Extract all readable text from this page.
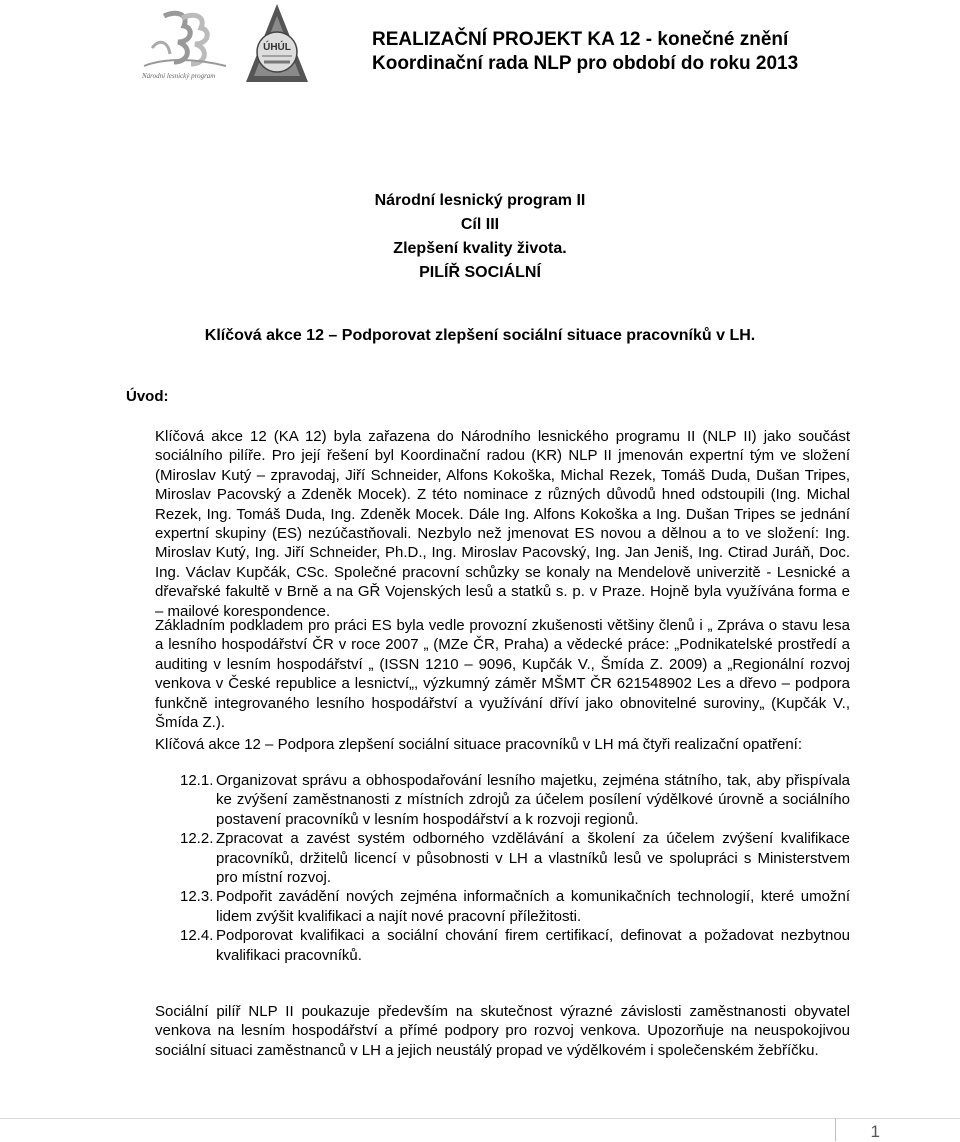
Národní lesnický program
ÚHÚL	REALIZAČNÍ PROJEKT KA 12 - konečné znění
Koordinační rada NLP pro období do roku 2013
Národní lesnický program II
Cíl III
Zlepšení kvality života.
PILÍŘ SOCIÁLNÍ
Klíčová akce 12 – Podporovat zlepšení sociální situace pracovníků v LH.
Úvod:

Klíčová akce 12 (KA 12) byla zařazena do Národního lesnického programu II (NLP II) jako součást sociálního pilíře. Pro její řešení byl Koordinační radou (KR) NLP II jmenován expertní tým ve složení (Miroslav Kutý – zpravodaj, Jiří Schneider, Alfons Kokoška, Michal Rezek, Tomáš Duda, Dušan Tripes, Miroslav Pacovský a Zdeněk Mocek). Z této nominace z různých důvodů hned odstoupili (Ing. Michal Rezek, Ing. Tomáš Duda, Ing. Zdeněk Mocek. Dále Ing. Alfons Kokoška a Ing. Dušan Tripes se jednání expertní skupiny (ES) nezúčastňovali. Nezbylo než jmenovat ES novou a dělnou a to ve složení: Ing. Miroslav Kutý, Ing. Jiří Schneider, Ph.D., Ing. Miroslav Pacovský, Ing. Jan Jeniš, Ing. Ctirad Juráň, Doc. Ing. Václav Kupčák, CSc. Společné pracovní schůzky se konaly na Mendelově univerzitě - Lesnické a dřevařské fakultě v Brně a na GŘ Vojenských lesů a statků s. p. v Praze. Hojně byla využívána forma e – mailové korespondence.

Základním podkladem pro práci ES byla vedle provozní zkušenosti většiny členů i „ Zpráva o stavu lesa a lesního hospodářství ČR v roce 2007 „ (MZe ČR, Praha) a vědecké práce: „Podnikatelské prostředí a auditing v lesním hospodářství „ (ISSN 1210 – 9096, Kupčák V., Šmída Z. 2009) a „Regionální rozvoj venkova v České republice a lesnictví„, výzkumný záměr MŠMT ČR 621548902 Les a dřevo – podpora funkčně integrovaného lesního hospodářství a využívání dříví jako obnovitelné suroviny„ (Kupčák V., Šmída Z.).

Klíčová akce 12 – Podpora zlepšení sociální situace pracovníků v LH má čtyři realizační opatření:

12.1. Organizovat správu a obhospodařování lesního majetku, zejména státního, tak, aby přispívala ke zvýšení zaměstnanosti z místních zdrojů za účelem posílení výdělkové úrovně a sociálního postavení pracovníků v lesním hospodářství a k rozvoji regionů.
12.2. Zpracovat a zavést systém odborného vzdělávání a školení za účelem zvýšení kvalifikace pracovníků, držitelů licencí v působnosti v LH a vlastníků lesů ve spolupráci s Ministerstvem pro místní rozvoj.
12.3. Podpořit zavádění nových zejména informačních a komunikačních technologií, které umožní lidem zvýšit kvalifikaci a najít nové pracovní příležitosti.
12.4. Podporovat kvalifikaci a sociální chování firem certifikací, definovat a požadovat nezbytnou kvalifikaci pracovníků.

Sociální pilíř NLP II poukazuje především na skutečnost výrazné závislosti zaměstnanosti obyvatel venkova na lesním hospodářství a přímé podpory pro rozvoj venkova. Upozorňuje na neuspokojivou sociální situaci zaměstnanců v LH a jejich neustálý propad ve výdělkovém i společenském žebříčku.

1
